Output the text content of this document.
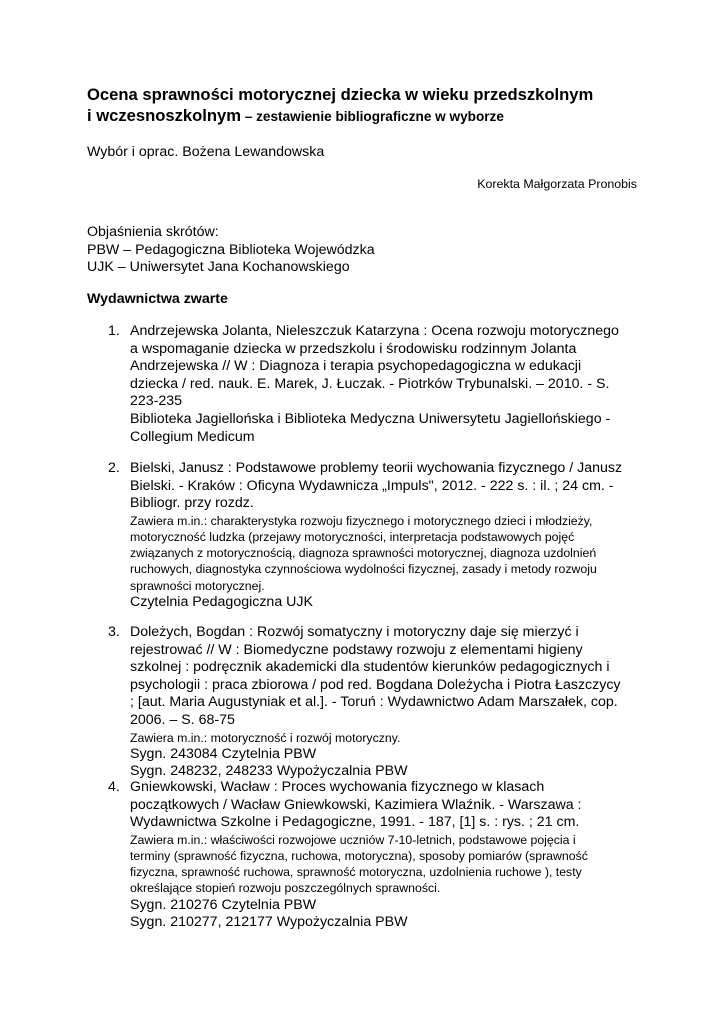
Ocena sprawności motorycznej dziecka w wieku przedszkolnym
i wczesnoszkolnym – zestawienie bibliograficzne w wyborze
Wybór i oprac. Bożena Lewandowska
Korekta Małgorzata Pronobis
Objaśnienia skrótów:
PBW – Pedagogiczna Biblioteka Wojewódzka
UJK – Uniwersytet Jana Kochanowskiego
Wydawnictwa zwarte
1. Andrzejewska Jolanta, Nieleszczuk Katarzyna : Ocena rozwoju motorycznego
a wspomaganie dziecka w przedszkolu i środowisku rodzinnym Jolanta
Andrzejewska // W : Diagnoza i terapia psychopedagogiczna w edukacji
dziecka / red. nauk. E. Marek, J. Łuczak. - Piotrków Trybunalski. – 2010. - S.
223-235
Biblioteka Jagiellońska i Biblioteka Medyczna Uniwersytetu Jagiellońskiego -
Collegium Medicum
2. Bielski, Janusz : Podstawowe problemy teorii wychowania fizycznego / Janusz
Bielski. - Kraków : Oficyna Wydawnicza „Impuls", 2012. - 222 s. : il. ; 24 cm. -
Bibliogr. przy rozdz.
Zawiera m.in.: charakterystyka rozwoju fizycznego i motorycznego dzieci i młodzieży,
motoryczność ludzka (przejawy motoryczności, interpretacja podstawowych pojęć
związanych z motorycznością, diagnoza sprawności motorycznej, diagnoza uzdolnień
ruchowych, diagnostyka czynnościowa wydolności fizycznej, zasady i metody rozwoju
sprawności motorycznej.
Czytelnia Pedagogiczna UJK
3. Doleżych, Bogdan : Rozwój somatyczny i motoryczny daje się mierzyć i
rejestrować // W : Biomedyczne podstawy rozwoju z elementami higieny
szkolnej : podręcznik akademicki dla studentów kierunków pedagogicznych i
psychologii : praca zbiorowa / pod red. Bogdana Doleżycha i Piotra Łaszczycy
; [aut. Maria Augustyniak et al.]. - Toruń : Wydawnictwo Adam Marszałek, cop.
2006. – S. 68-75
Zawiera m.in.: motoryczność i rozwój motoryczny.
Sygn. 243084 Czytelnia PBW
Sygn. 248232, 248233 Wypożyczalnia PBW
4. Gniewkowski, Wacław : Proces wychowania fizycznego w klasach
początkowych / Wacław Gniewkowski, Kazimiera Wlaźnik. - Warszawa :
Wydawnictwa Szkolne i Pedagogiczne, 1991. - 187, [1] s. : rys. ; 21 cm.
Zawiera m.in.: właściwości rozwojowe uczniów 7-10-letnich, podstawowe pojęcia i
terminy (sprawność fizyczna, ruchowa, motoryczna), sposoby pomiarów (sprawność
fizyczna, sprawność ruchowa, sprawność motoryczna, uzdolnienia ruchowe ), testy
określające stopień rozwoju poszczególnych sprawności.
Sygn. 210276 Czytelnia PBW
Sygn. 210277, 212177 Wypożyczalnia PBW
